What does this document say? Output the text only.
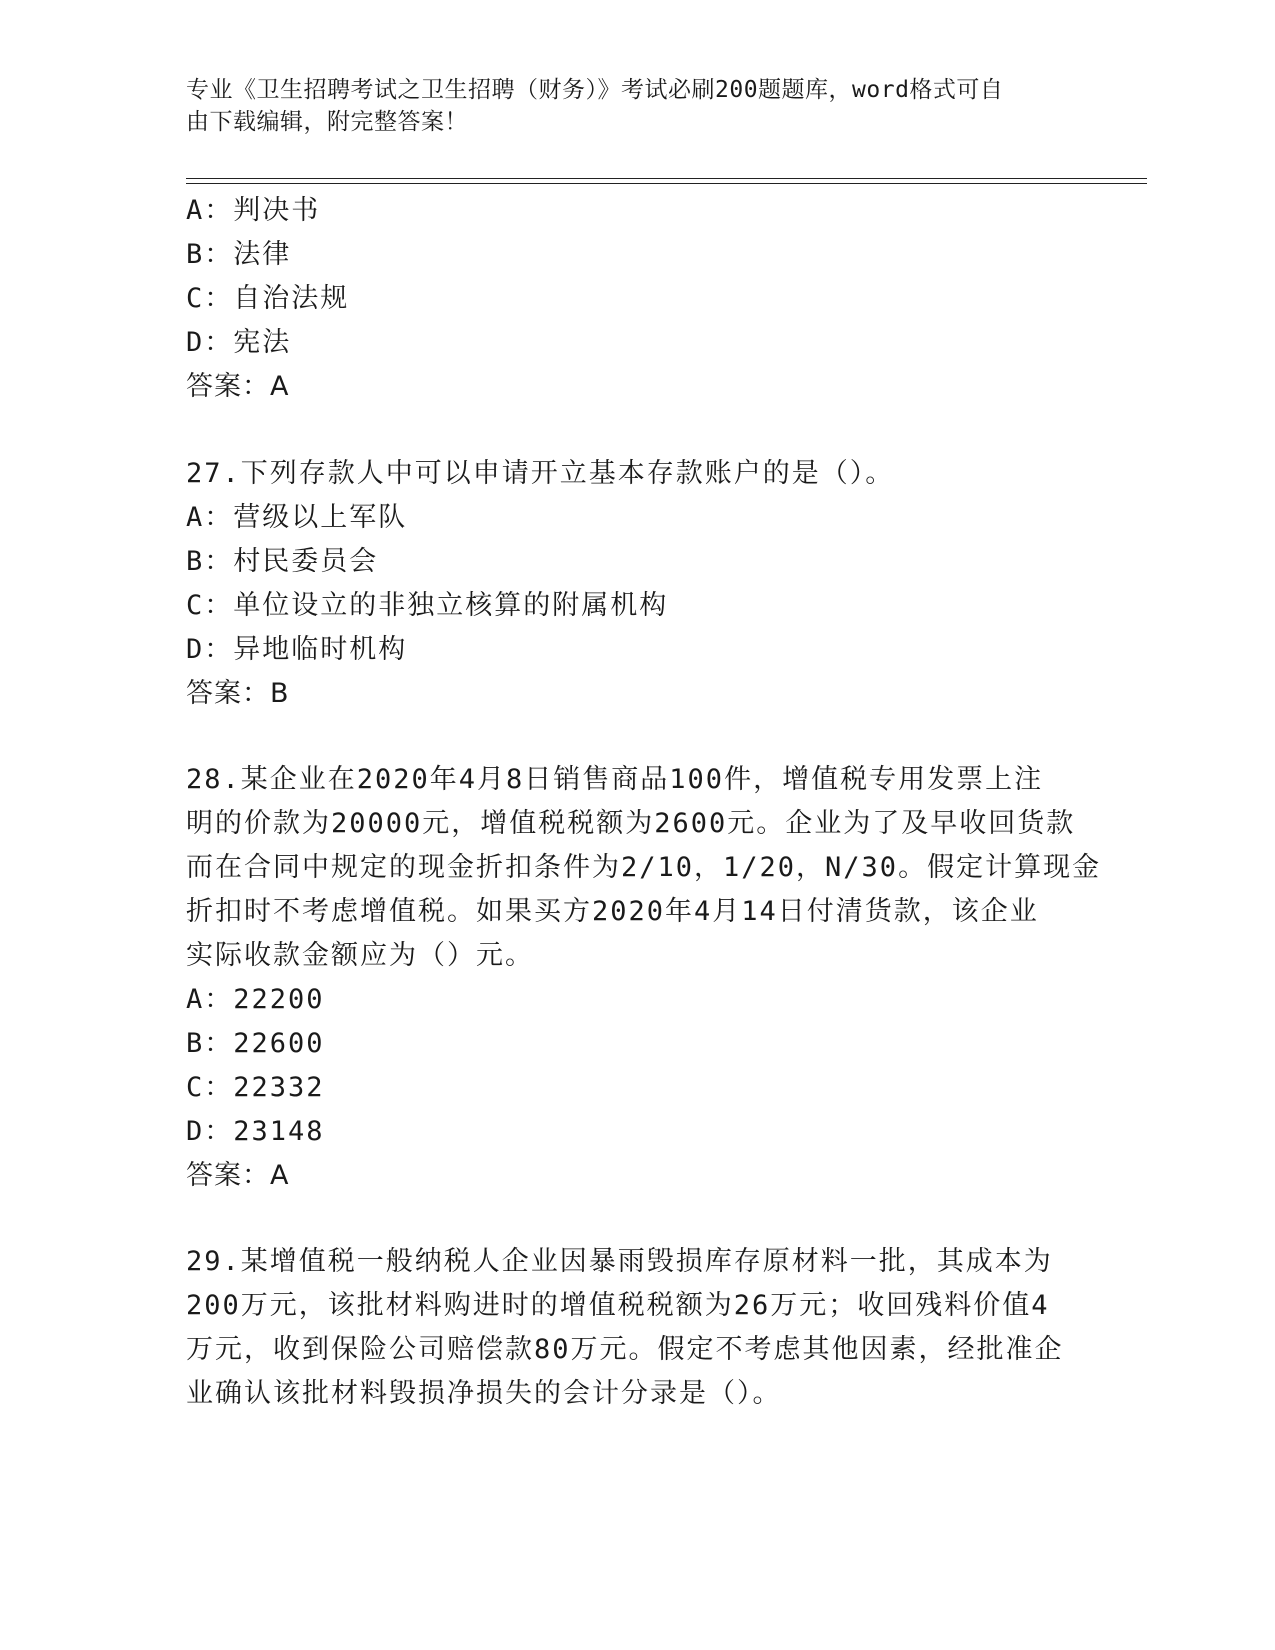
专业《卫生招聘考试之卫生招聘（财务）》考试必刷200题题库，word格式可自
由下载编辑，附完整答案！
A：判决书
B：法律
C：自治法规
D：宪法
答案：A
27.下列存款人中可以申请开立基本存款账户的是（）。
A：营级以上军队
B：村民委员会
C：单位设立的非独立核算的附属机构
D：异地临时机构
答案：B
28.某企业在2020年4月8日销售商品100件，增值税专用发票上注
明的价款为20000元，增值税税额为2600元。企业为了及早收回货款
而在合同中规定的现金折扣条件为2/10，1/20，N/30。假定计算现金
折扣时不考虑增值税。如果买方2020年4月14日付清货款，该企业
实际收款金额应为（）元。
A：22200
B：22600
C：22332
D：23148
答案：A
29.某增值税一般纳税人企业因暴雨毁损库存原材料一批，其成本为
200万元，该批材料购进时的增值税税额为26万元；收回残料价值4
万元，收到保险公司赔偿款80万元。假定不考虑其他因素，经批准企
业确认该批材料毁损净损失的会计分录是（）。
